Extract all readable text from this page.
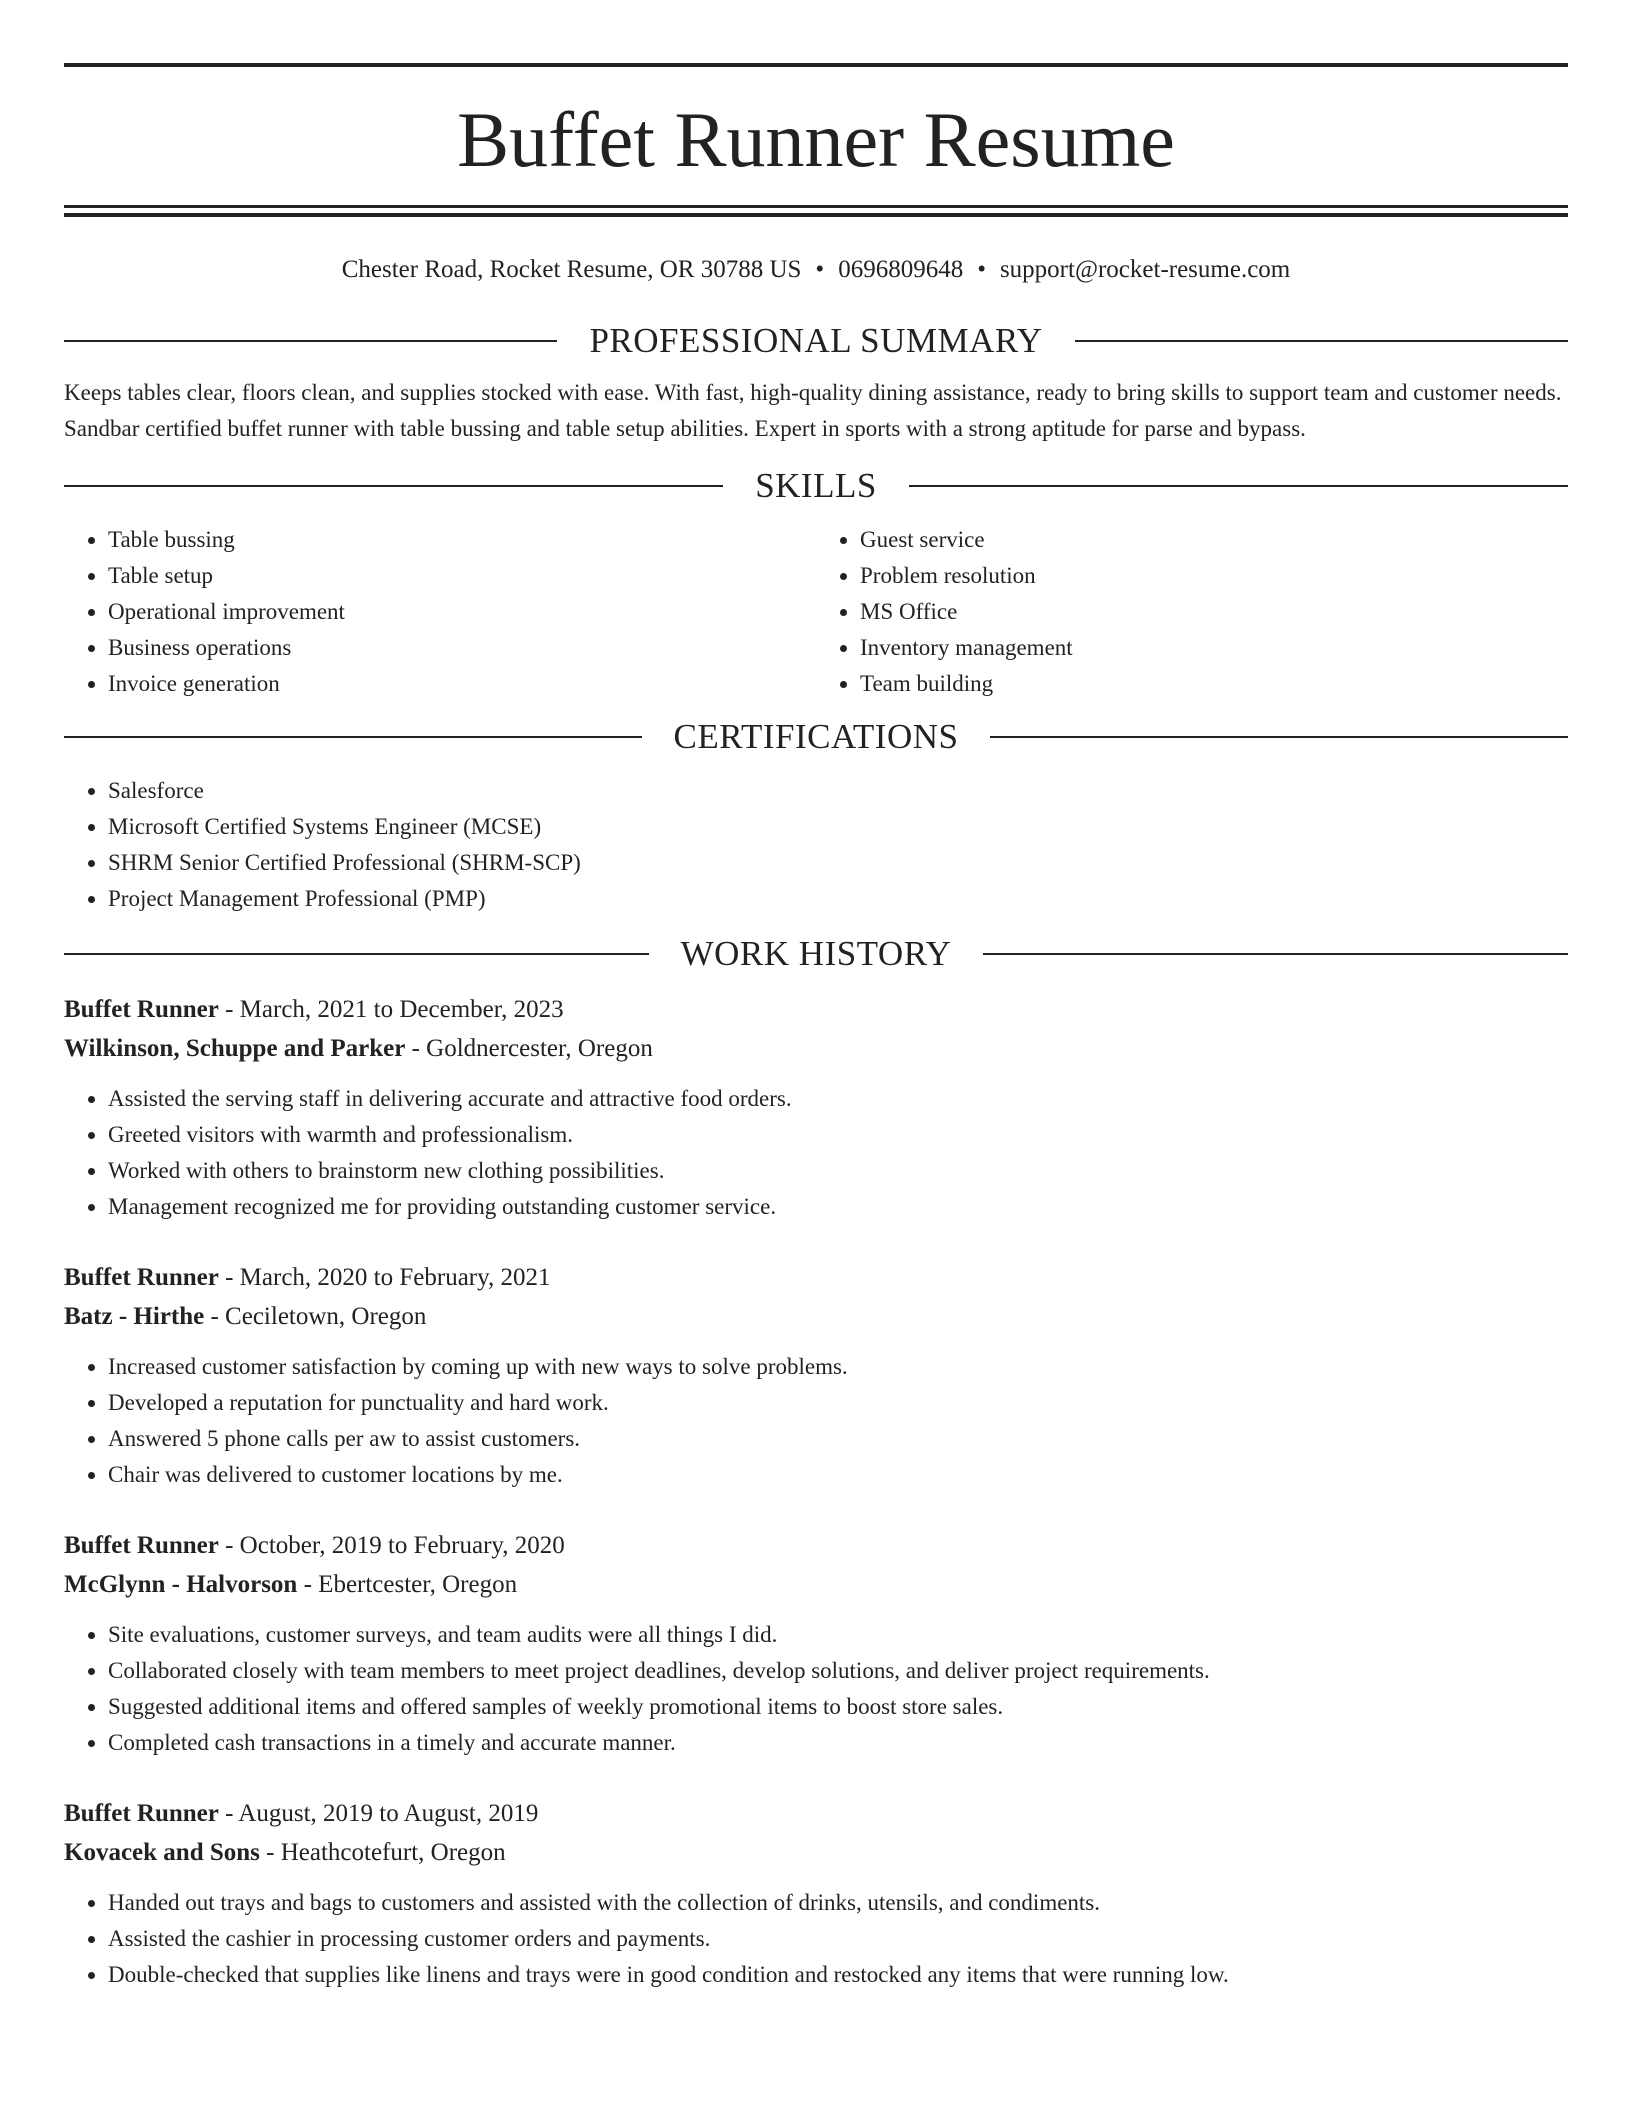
Buffet Runner Resume
Chester Road, Rocket Resume, OR 30788 US • 0696809648 • support@rocket-resume.com
PROFESSIONAL SUMMARY

Keeps tables clear, floors clean, and supplies stocked with ease. With fast, high-quality dining assistance, ready to bring skills to support team and customer needs. Sandbar certified buffet runner with table bussing and table setup abilities. Expert in sports with a strong aptitude for parse and bypass.

SKILLS
• Table bussing
• Table setup
• Operational improvement
• Business operations
• Invoice generation
• Guest service
• Problem resolution
• MS Office
• Inventory management
• Team building
CERTIFICATIONS
• Salesforce
• Microsoft Certified Systems Engineer (MCSE)
• SHRM Senior Certified Professional (SHRM-SCP)
• Project Management Professional (PMP)
WORK HISTORY
Buffet Runner - March, 2021 to December, 2023
Wilkinson, Schuppe and Parker - Goldnercester, Oregon
• Assisted the serving staff in delivering accurate and attractive food orders.
• Greeted visitors with warmth and professionalism.
• Worked with others to brainstorm new clothing possibilities.
• Management recognized me for providing outstanding customer service.
Buffet Runner - March, 2020 to February, 2021
Batz - Hirthe - Ceciletown, Oregon
• Increased customer satisfaction by coming up with new ways to solve problems.
• Developed a reputation for punctuality and hard work.
• Answered 5 phone calls per aw to assist customers.
• Chair was delivered to customer locations by me.
Buffet Runner - October, 2019 to February, 2020
McGlynn - Halvorson - Ebertcester, Oregon
• Site evaluations, customer surveys, and team audits were all things I did.
• Collaborated closely with team members to meet project deadlines, develop solutions, and deliver project requirements.
• Suggested additional items and offered samples of weekly promotional items to boost store sales.
• Completed cash transactions in a timely and accurate manner.
Buffet Runner - August, 2019 to August, 2019
Kovacek and Sons - Heathcotefurt, Oregon
• Handed out trays and bags to customers and assisted with the collection of drinks, utensils, and condiments.
• Assisted the cashier in processing customer orders and payments.
• Double-checked that supplies like linens and trays were in good condition and restocked any items that were running low.
